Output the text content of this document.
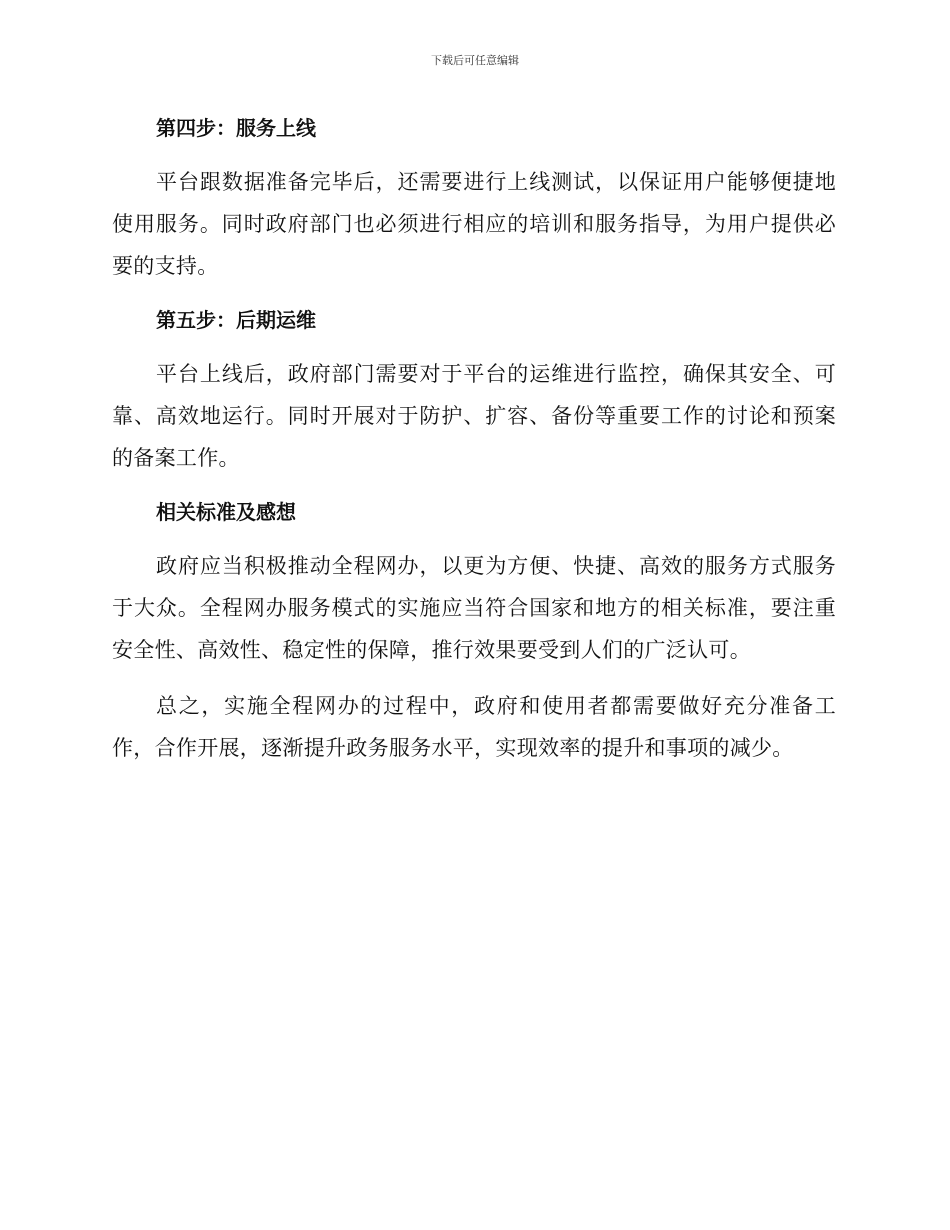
下载后可任意编辑
第四步：服务上线

平台跟数据准备完毕后，还需要进行上线测试，以保证用户能够便捷地使用服务。同时政府部门也必须进行相应的培训和服务指导，为用户提供必要的支持。

第五步：后期运维

平台上线后，政府部门需要对于平台的运维进行监控，确保其安全、可靠、高效地运行。同时开展对于防护、扩容、备份等重要工作的讨论和预案的备案工作。

相关标准及感想

政府应当积极推动全程网办，以更为方便、快捷、高效的服务方式服务于大众。全程网办服务模式的实施应当符合国家和地方的相关标准，要注重安全性、高效性、稳定性的保障，推行效果要受到人们的广泛认可。

总之，实施全程网办的过程中，政府和使用者都需要做好充分准备工作，合作开展，逐渐提升政务服务水平，实现效率的提升和事项的减少。
